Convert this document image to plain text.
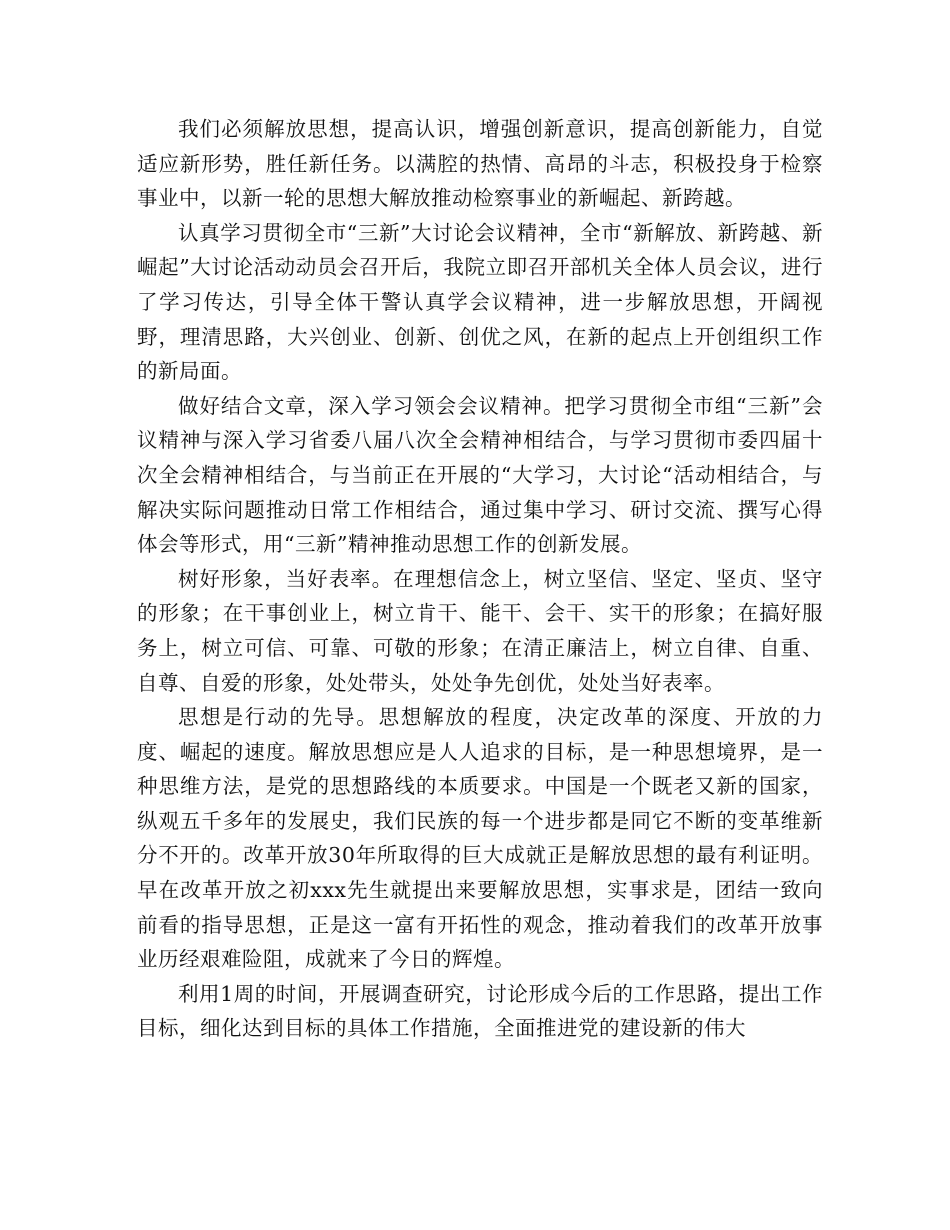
我们必须解放思想，提高认识，增强创新意识，提高创新能力，自觉适应新形势，胜任新任务。以满腔的热情、高昂的斗志，积极投身于检察事业中，以新一轮的思想大解放推动检察事业的新崛起、新跨越。

认真学习贯彻全市“三新”大讨论会议精神，全市“新解放、新跨越、新崛起”大讨论活动动员会召开后，我院立即召开部机关全体人员会议，进行了学习传达，引导全体干警认真学会议精神，进一步解放思想，开阔视野，理清思路，大兴创业、创新、创优之风，在新的起点上开创组织工作的新局面。

做好结合文章，深入学习领会会议精神。把学习贯彻全市组“三新”会议精神与深入学习省委八届八次全会精神相结合，与学习贯彻市委四届十次全会精神相结合，与当前正在开展的“大学习，大讨论“活动相结合，与解决实际问题推动日常工作相结合，通过集中学习、研讨交流、撰写心得体会等形式，用“三新”精神推动思想工作的创新发展。

树好形象，当好表率。在理想信念上，树立坚信、坚定、坚贞、坚守的形象；在干事创业上，树立肯干、能干、会干、实干的形象；在搞好服务上，树立可信、可靠、可敬的形象；在清正廉洁上，树立自律、自重、自尊、自爱的形象，处处带头，处处争先创优，处处当好表率。

思想是行动的先导。思想解放的程度，决定改革的深度、开放的力度、崛起的速度。解放思想应是人人追求的目标，是一种思想境界，是一种思维方法，是党的思想路线的本质要求。中国是一个既老又新的国家，纵观五千多年的发展史，我们民族的每一个进步都是同它不断的变革维新分不开的。改革开放30年所取得的巨大成就正是解放思想的最有利证明。早在改革开放之初xxx先生就提出来要解放思想，实事求是，团结一致向前看的指导思想，正是这一富有开拓性的观念，推动着我们的改革开放事业历经艰难险阻，成就来了今日的辉煌。

利用1周的时间，开展调查研究，讨论形成今后的工作思路，提出工作目标，细化达到目标的具体工作措施，全面推进党的建设新的伟大
